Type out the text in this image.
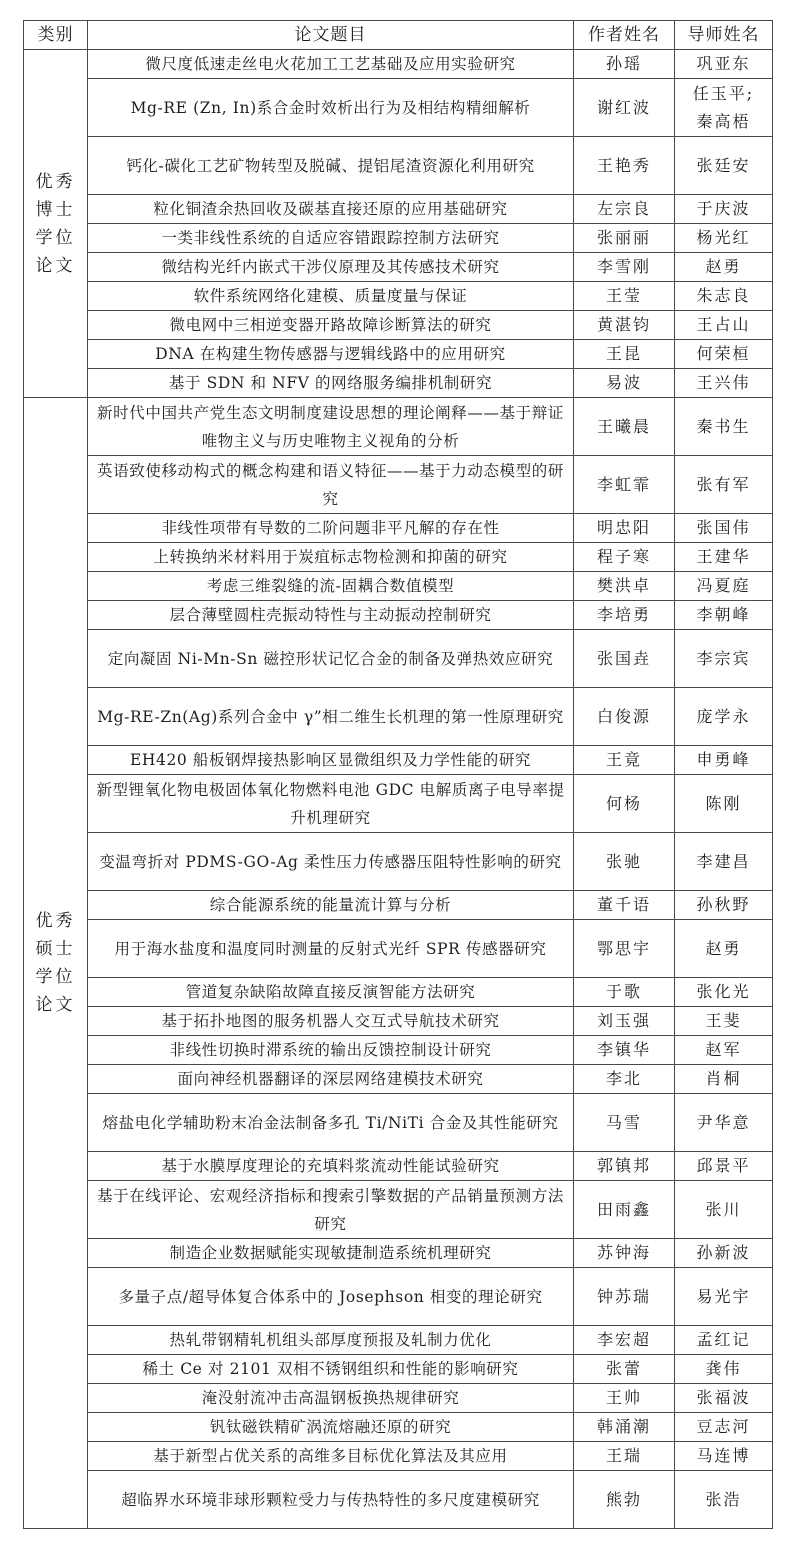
类别	论文题目	作者姓名	导师姓名

优秀
博士
学位
论文	微尺度低速走丝电火花加工工艺基础及应用实验研究	孙瑶	巩亚东
	Mg-RE (Zn, In)系合金时效析出行为及相结构精细解析	谢红波	任玉平; 秦高梧
	钙化-碳化工艺矿物转型及脱碱、提铝尾渣资源化利用研究	王艳秀	张廷安
	粒化铜渣余热回收及碳基直接还原的应用基础研究	左宗良	于庆波
	一类非线性系统的自适应容错跟踪控制方法研究	张丽丽	杨光红
	微结构光纤内嵌式干涉仪原理及其传感技术研究	李雪刚	赵勇
	软件系统网络化建模、质量度量与保证	王莹	朱志良
	微电网中三相逆变器开路故障诊断算法的研究	黄湛钧	王占山
	DNA 在构建生物传感器与逻辑线路中的应用研究	王昆	何荣桓
	基于 SDN 和 NFV 的网络服务编排机制研究	易波	王兴伟

优秀
硕士
学位
论文	新时代中国共产党生态文明制度建设思想的理论阐释——基于辩证唯物主义与历史唯物主义视角的分析	王曦晨	秦书生
	英语致使移动构式的概念构建和语义特征——基于力动态模型的研究	李虹霏	张有军
	非线性项带有导数的二阶问题非平凡解的存在性	明忠阳	张国伟
	上转换纳米材料用于炭疽标志物检测和抑菌的研究	程子寒	王建华
	考虑三维裂缝的流-固耦合数值模型	樊洪卓	冯夏庭
	层合薄壁圆柱壳振动特性与主动振动控制研究	李培勇	李朝峰
	定向凝固 Ni-Mn-Sn 磁控形状记忆合金的制备及弹热效应研究	张国垚	李宗宾
	Mg-RE-Zn(Ag)系列合金中 γ”相二维生长机理的第一性原理研究	白俊源	庞学永
	EH420 船板钢焊接热影响区显微组织及力学性能的研究	王竟	申勇峰
	新型锂氧化物电极固体氧化物燃料电池 GDC 电解质离子电导率提升机理研究	何杨	陈刚
	变温弯折对 PDMS-GO-Ag 柔性压力传感器压阻特性影响的研究	张驰	李建昌
	综合能源系统的能量流计算与分析	董千语	孙秋野
	用于海水盐度和温度同时测量的反射式光纤 SPR 传感器研究	鄂思宇	赵勇
	管道复杂缺陷故障直接反演智能方法研究	于歌	张化光
	基于拓扑地图的服务机器人交互式导航技术研究	刘玉强	王斐
	非线性切换时滞系统的输出反馈控制设计研究	李镇华	赵军
	面向神经机器翻译的深层网络建模技术研究	李北	肖桐
	熔盐电化学辅助粉末冶金法制备多孔 Ti/NiTi 合金及其性能研究	马雪	尹华意
	基于水膜厚度理论的充填料浆流动性能试验研究	郭镇邦	邱景平
	基于在线评论、宏观经济指标和搜索引擎数据的产品销量预测方法研究	田雨鑫	张川
	制造企业数据赋能实现敏捷制造系统机理研究	苏钟海	孙新波
	多量子点/超导体复合体系中的 Josephson 相变的理论研究	钟苏瑞	易光宇
	热轧带钢精轧机组头部厚度预报及轧制力优化	李宏超	孟红记
	稀土 Ce 对 2101 双相不锈钢组织和性能的影响研究	张蕾	龚伟
	淹没射流冲击高温钢板换热规律研究	王帅	张福波
	钒钛磁铁精矿涡流熔融还原的研究	韩涌潮	豆志河
	基于新型占优关系的高维多目标优化算法及其应用	王瑞	马连博
	超临界水环境非球形颗粒受力与传热特性的多尺度建模研究	熊勃	张浩
